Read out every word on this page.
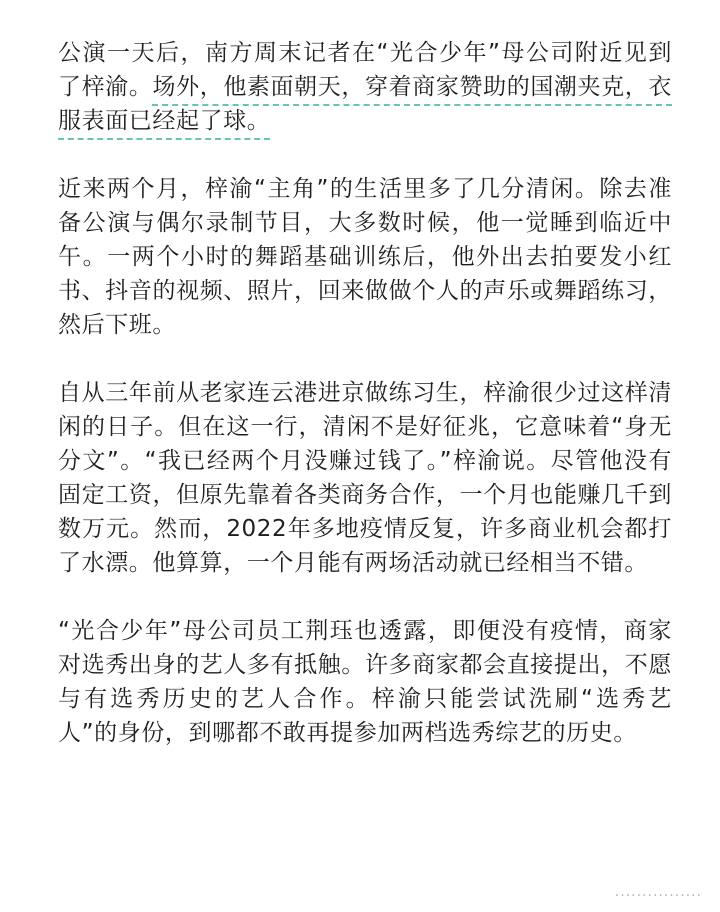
公演一天后，南方周末记者在“光合少年”母公司附近见到了梓渝。场外，他素面朝天，穿着商家赞助的国潮夹克，衣服表面已经起了球。

近来两个月，梓渝“主角”的生活里多了几分清闲。除去准备公演与偶尔录制节目，大多数时候，他一觉睡到临近中午。一两个小时的舞蹈基础训练后，他外出去拍要发小红书、抖音的视频、照片，回来做做个人的声乐或舞蹈练习，然后下班。

自从三年前从老家连云港进京做练习生，梓渝很少过这样清闲的日子。但在这一行，清闲不是好征兆，它意味着“身无分文”。“我已经两个月没赚过钱了。”梓渝说。尽管他没有固定工资，但原先靠着各类商务合作，一个月也能赚几千到数万元。然而，2022年多地疫情反复，许多商业机会都打了水漂。他算算，一个月能有两场活动就已经相当不错。

“光合少年”母公司员工荆珏也透露，即便没有疫情，商家对选秀出身的艺人多有抵触。许多商家都会直接提出，不愿与有选秀历史的艺人合作。梓渝只能尝试洗刷“选秀艺人”的身份，到哪都不敢再提参加两档选秀综艺的历史。

················
